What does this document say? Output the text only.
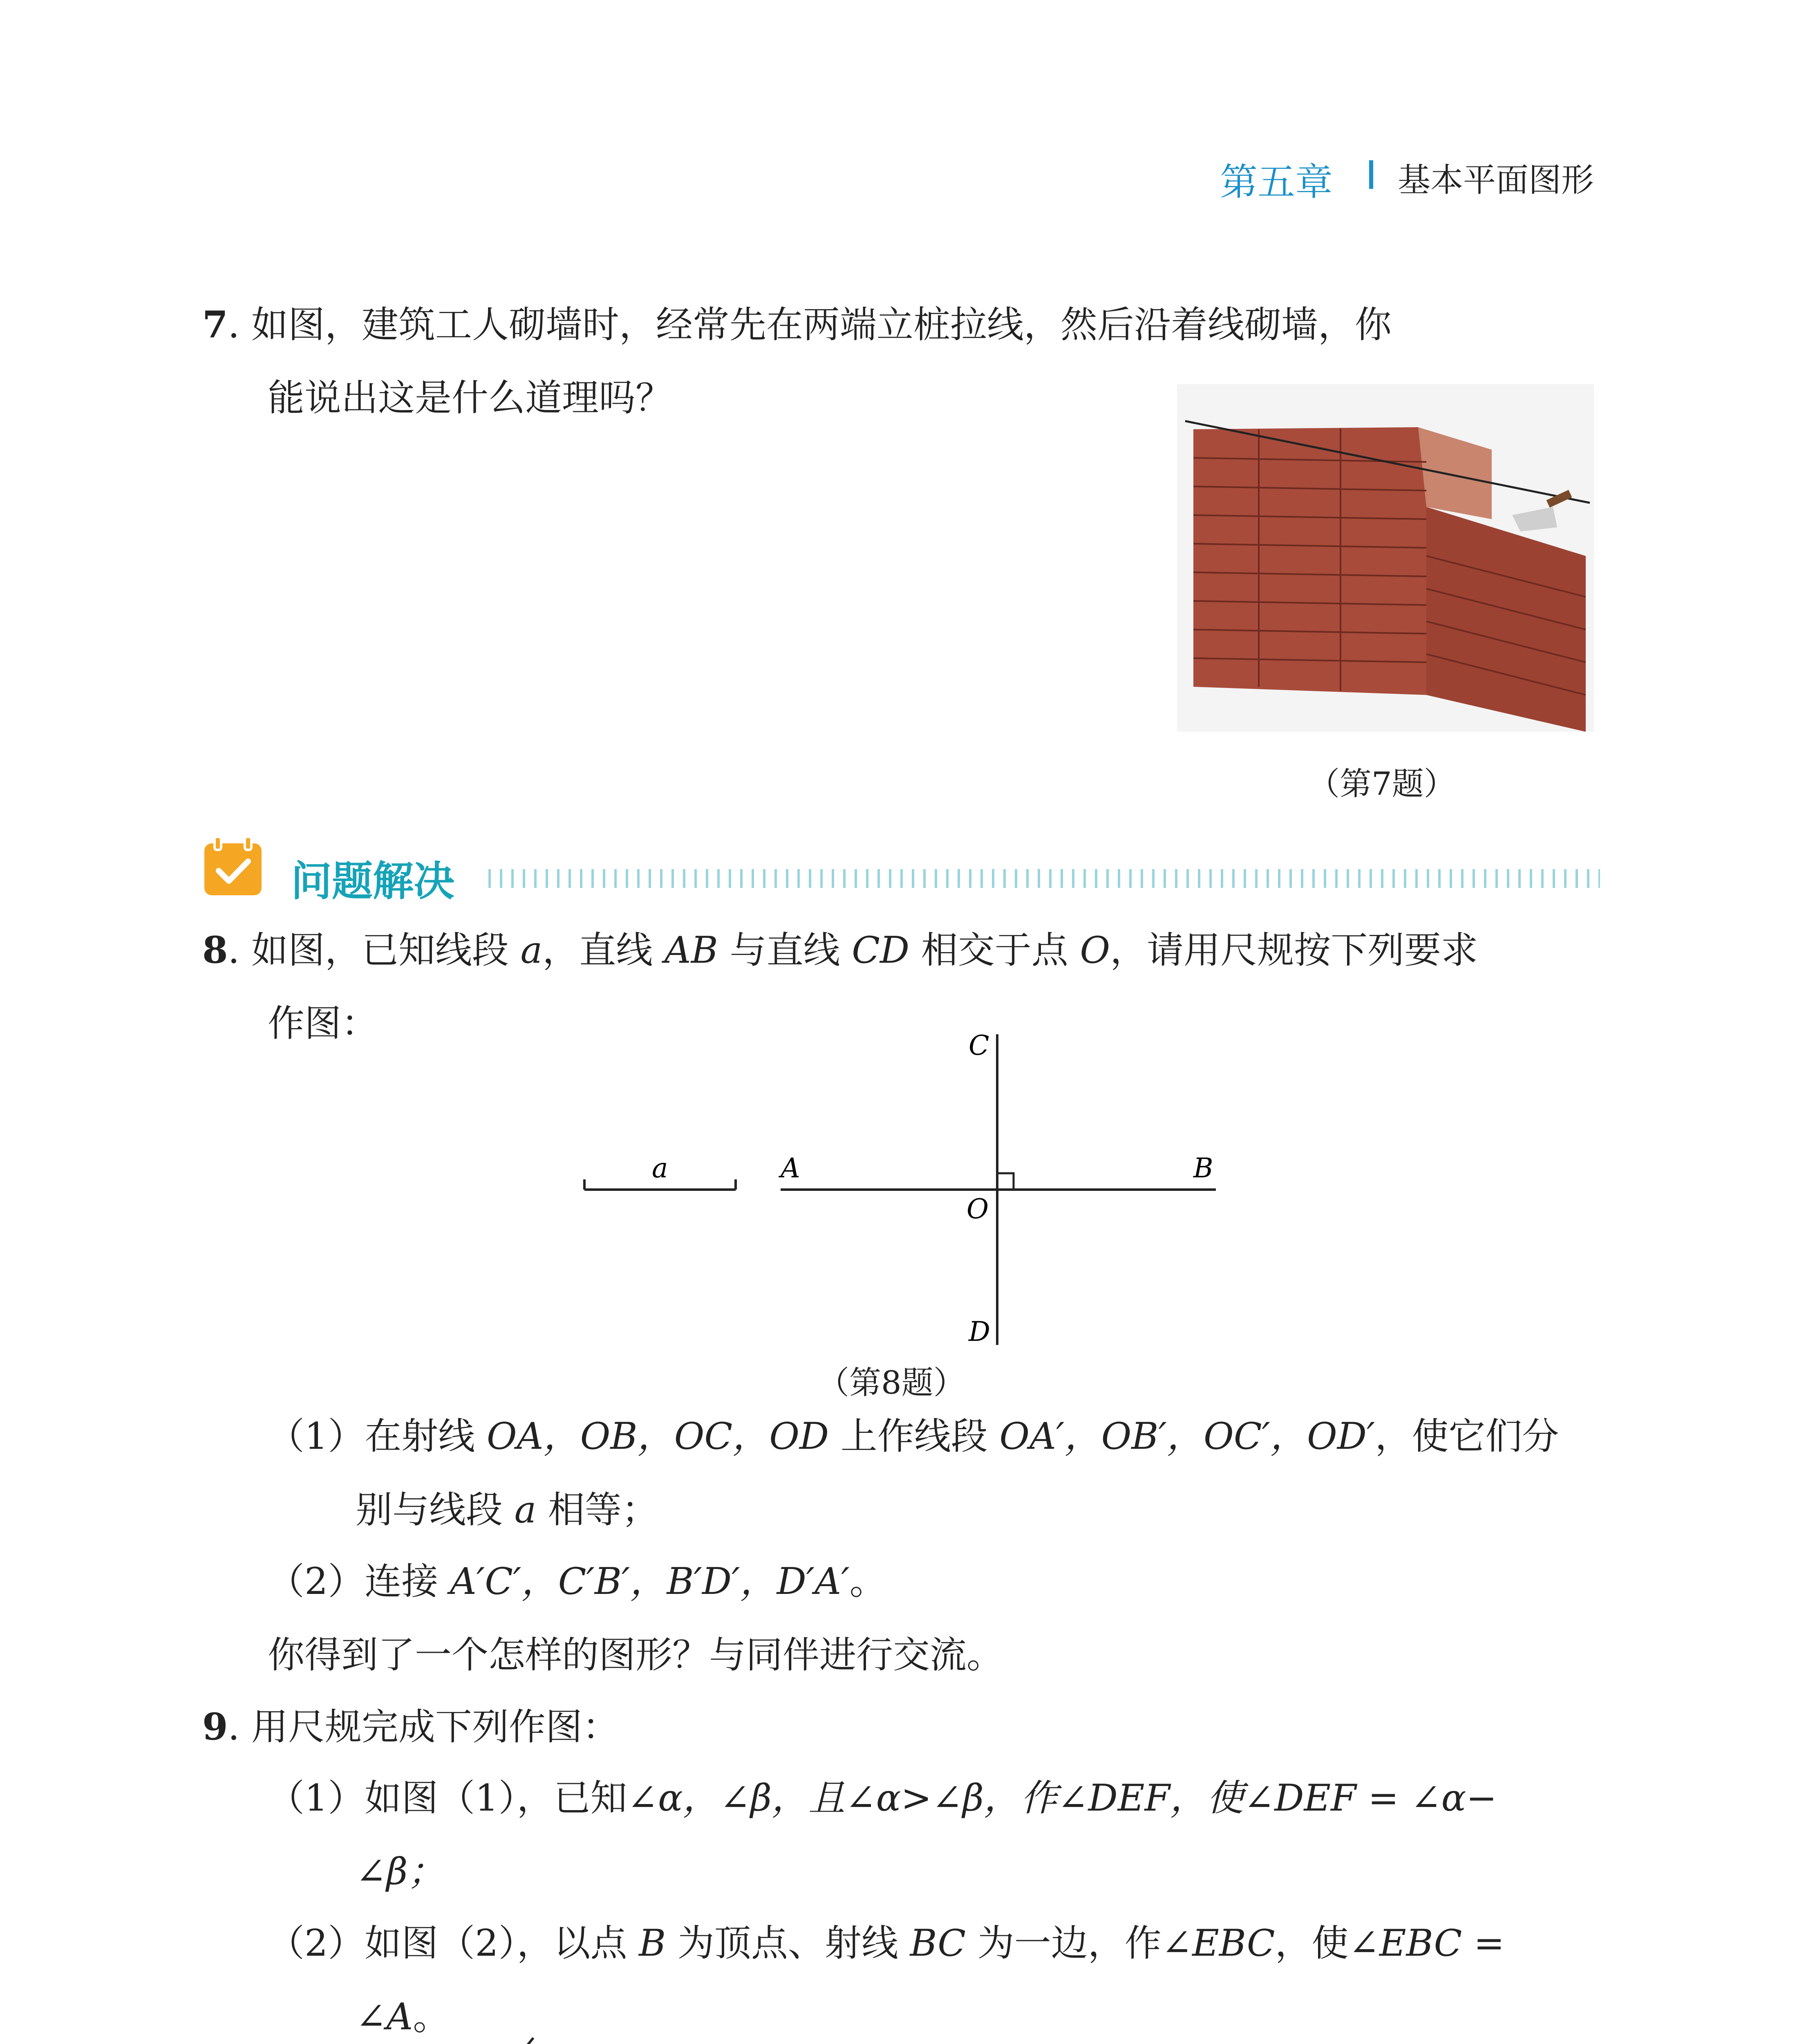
第五章 基本平面图形
7. 如图，建筑工人砌墙时，经常先在两端立桩拉线，然后沿着线砌墙，你
能说出这是什么道理吗？
（第7题）
问题解决
8. 如图，已知线段 a，直线 AB 与直线 CD 相交于点 O，请用尺规按下列要求
作图：
a	A	B
C
D
O
（第8题）
（1）在射线 OA，OB，OC，OD 上作线段 OA′，OB′，OC′，OD′，使它们分
别与线段 a 相等；
（2）连接 A′C′，C′B′，B′D′，D′A′。
你得到了一个怎样的图形？与同伴进行交流。
9. 用尺规完成下列作图：
（1）如图（1），已知∠α，∠β，且∠α>∠β，作∠DEF，使∠DEF = ∠α−
∠β；
（2）如图（2），以点 B 为顶点、射线 BC 为一边，作∠EBC，使∠EBC =
∠A。
